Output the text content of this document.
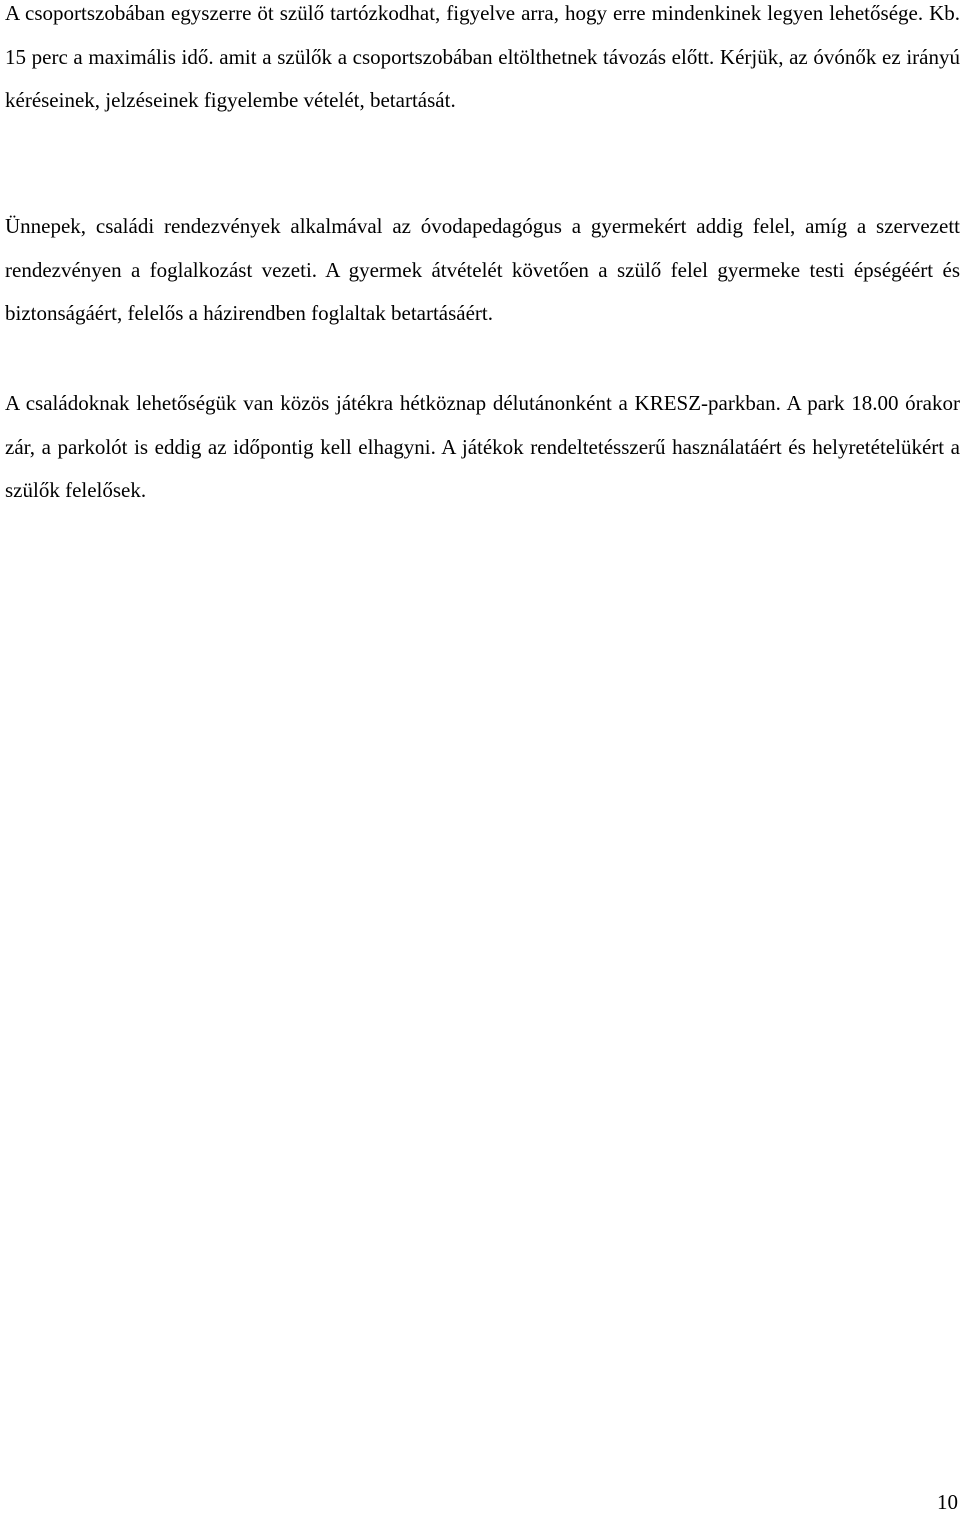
A csoportszobában egyszerre öt szülő tartózkodhat, figyelve arra, hogy erre mindenkinek legyen lehetősége. Kb. 15 perc a maximális idő. amit a szülők a csoportszobában eltölthetnek távozás előtt. Kérjük, az óvónők ez irányú kéréseinek, jelzéseinek figyelembe vételét, betartását.

Ünnepek, családi rendezvények alkalmával az óvodapedagógus a gyermekért addig felel, amíg a szervezett rendezvényen a foglalkozást vezeti. A gyermek átvételét követően a szülő felel gyermeke testi épségéért és biztonságáért, felelős a házirendben foglaltak betartásáért.

A családoknak lehetőségük van közös játékra hétköznap délutánonként a KRESZ-parkban. A park 18.00 órakor zár, a parkolót is eddig az időpontig kell elhagyni. A játékok rendeltetésszerű használatáért és helyretételükért a szülők felelősek.

10
